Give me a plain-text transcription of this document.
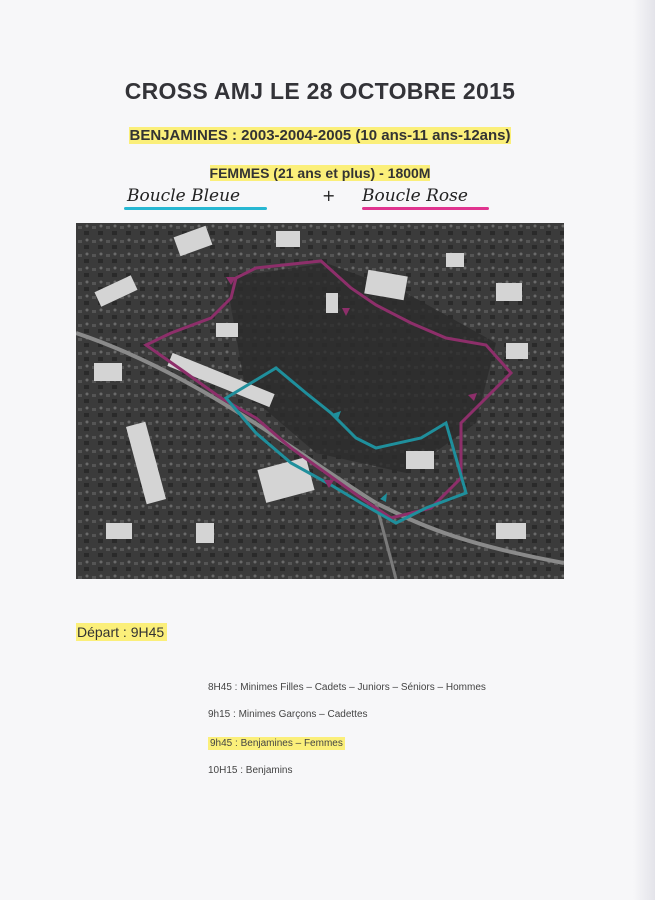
CROSS AMJ LE 28 OCTOBRE 2015
BENJAMINES : 2003-2004-2005 (10 ans-11 ans-12ans)
FEMMES (21 ans et plus) - 1800M
Boucle Bleue	+ Boucle Rose
Départ : 9H45
8H45 : Minimes Filles – Cadets – Juniors – Séniors – Hommes
9h15 : Minimes Garçons – Cadettes
9h45 : Benjamines – Femmes
10H15 : Benjamins
